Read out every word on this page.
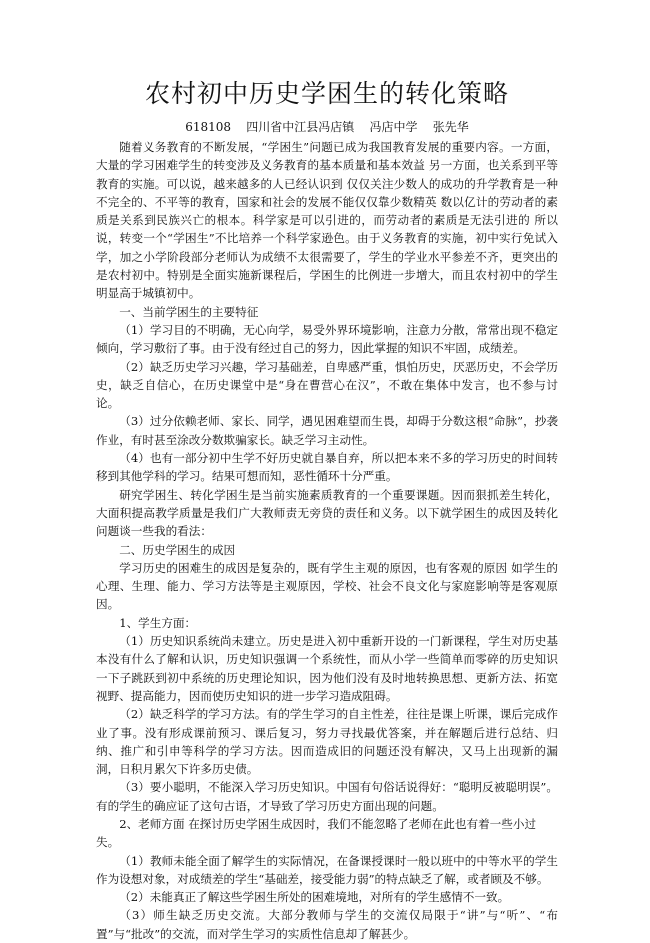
农村初中历史学困生的转化策略
618108    四川省中江县冯店镇    冯店中学    张先华
随着义务教育的不断发展，“学困生”问题已成为我国教育发展的重要内容。一方面，大量的学习困难学生的转变涉及义务教育的基本质量和基本效益 另一方面，也关系到平等教育的实施。可以说，越来越多的人已经认识到 仅仅关注少数人的成功的升学教育是一种不完全的、不平等的教育，国家和社会的发展不能仅仅靠少数精英 数以亿计的劳动者的素质是关系到民族兴亡的根本。科学家是可以引进的，而劳动者的素质是无法引进的 所以说，转变一个“学困生”不比培养一个科学家逊色。由于义务教育的实施，初中实行免试入学，加之小学阶段部分老师认为成绩不太很需要了，学生的学业水平参差不齐，更突出的是农村初中。特别是全面实施新课程后，学困生的比例进一步增大，而且农村初中的学生明显高于城镇初中。
一、当前学困生的主要特征
（1）学习目的不明确，无心向学，易受外界环境影响，注意力分散，常常出现不稳定倾向，学习敷衍了事。由于没有经过自己的努力，因此掌握的知识不牢固，成绩差。
（2）缺乏历史学习兴趣，学习基础差，自卑感严重，惧怕历史，厌恶历史，不会学历史，缺乏自信心，在历史课堂中是“身在曹营心在汉”，不敢在集体中发言，也不参与讨论。
（3）过分依赖老师、家长、同学，遇见困难望而生畏，却碍于分数这根“命脉”，抄袭作业，有时甚至涂改分数欺骗家长。缺乏学习主动性。
（4）也有一部分初中生学不好历史就自暴自弃，所以把本来不多的学习历史的时间转移到其他学科的学习。结果可想而知，恶性循环十分严重。
研究学困生、转化学困生是当前实施素质教育的一个重要课题。因而狠抓差生转化，大面积提高教学质量是我们广大教师责无旁贷的责任和义务。以下就学困生的成因及转化问题谈一些我的看法：
二、历史学困生的成因
学习历史的困难生的成因是复杂的，既有学生主观的原因，也有客观的原因 如学生的心理、生理、能力、学习方法等是主观原因，学校、社会不良文化与家庭影响等是客观原因。
1、学生方面：
（1）历史知识系统尚未建立。历史是进入初中重新开设的一门新课程，学生对历史基本没有什么了解和认识，历史知识强调一个系统性，而从小学一些简单而零碎的历史知识一下子跳跃到初中系统的历史理论知识，因为他们没有及时地转换思想、更新方法、拓宽视野、提高能力，因而使历史知识的进一步学习造成阻碍。
（2）缺乏科学的学习方法。有的学生学习的自主性差，往往是课上听课，课后完成作业了事。没有形成课前预习、课后复习，努力寻找最优答案，并在解题后进行总结、归纳、推广和引申等科学的学习方法。因而造成旧的问题还没有解决，又马上出现新的漏洞，日积月累欠下许多历史债。
（3）要小聪明，不能深入学习历史知识。中国有句俗话说得好：“聪明反被聪明误”。有的学生的确应证了这句古语，才导致了学习历史方面出现的问题。
2、老师方面 在探讨历史学困生成因时，我们不能忽略了老师在此也有着一些小过失。
（1）教师未能全面了解学生的实际情况，在备课授课时一般以班中的中等水平的学生作为设想对象，对成绩差的学生“基础差，接受能力弱”的特点缺乏了解，或者顾及不够。
（2）未能真正了解这些学困生所处的困难境地，对所有的学生感情不一致。
（3）师生缺乏历史交流。大部分教师与学生的交流仅局限于“讲”与“听”、“布置”与“批改”的交流，而对学生学习的实质性信息却了解甚少。
